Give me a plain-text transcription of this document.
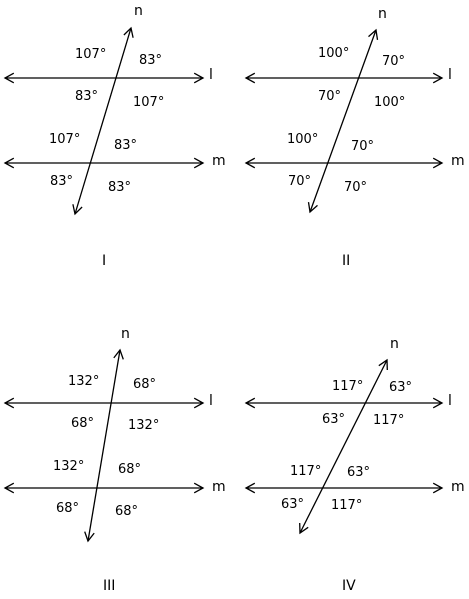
n
l
m
I
107°	83°
83°	107°
107°	83°
83°	83°
n
l
m
II
100°
70°
70°	100°
100°	70°
70°	70°
n
l
m
III
132°	68°
68°	132°
132°	68°
68°	68°
n
l
m
IV
117° 63°
63° 117°
117° 63°
63° 117°
